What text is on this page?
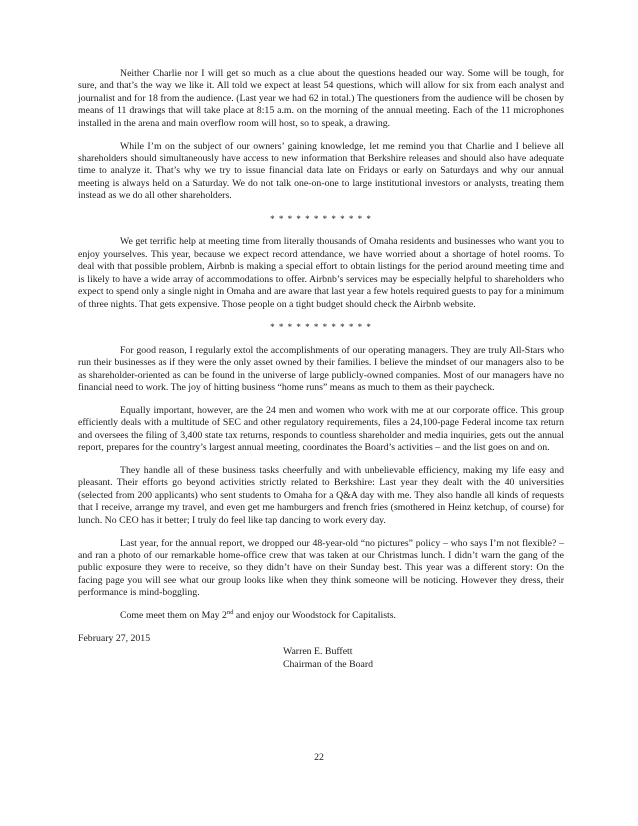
Neither Charlie nor I will get so much as a clue about the questions headed our way. Some will be tough, for sure, and that’s the way we like it. All told we expect at least 54 questions, which will allow for six from each analyst and journalist and for 18 from the audience. (Last year we had 62 in total.) The questioners from the audience will be chosen by means of 11 drawings that will take place at 8:15 a.m. on the morning of the annual meeting. Each of the 11 microphones installed in the arena and main overflow room will host, so to speak, a drawing.

While I’m on the subject of our owners’ gaining knowledge, let me remind you that Charlie and I believe all shareholders should simultaneously have access to new information that Berkshire releases and should also have adequate time to analyze it. That’s why we try to issue financial data late on Fridays or early on Saturdays and why our annual meeting is always held on a Saturday. We do not talk one-on-one to large institutional investors or analysts, treating them instead as we do all other shareholders.

* * * * * * * * * * * *

We get terrific help at meeting time from literally thousands of Omaha residents and businesses who want you to enjoy yourselves. This year, because we expect record attendance, we have worried about a shortage of hotel rooms. To deal with that possible problem, Airbnb is making a special effort to obtain listings for the period around meeting time and is likely to have a wide array of accommodations to offer. Airbnb’s services may be especially helpful to shareholders who expect to spend only a single night in Omaha and are aware that last year a few hotels required guests to pay for a minimum of three nights. That gets expensive. Those people on a tight budget should check the Airbnb website.

* * * * * * * * * * * *

For good reason, I regularly extol the accomplishments of our operating managers. They are truly All-Stars who run their businesses as if they were the only asset owned by their families. I believe the mindset of our managers also to be as shareholder-oriented as can be found in the universe of large publicly-owned companies. Most of our managers have no financial need to work. The joy of hitting business “home runs” means as much to them as their paycheck.

Equally important, however, are the 24 men and women who work with me at our corporate office. This group efficiently deals with a multitude of SEC and other regulatory requirements, files a 24,100-page Federal income tax return and oversees the filing of 3,400 state tax returns, responds to countless shareholder and media inquiries, gets out the annual report, prepares for the country’s largest annual meeting, coordinates the Board’s activities – and the list goes on and on.

They handle all of these business tasks cheerfully and with unbelievable efficiency, making my life easy and pleasant. Their efforts go beyond activities strictly related to Berkshire: Last year they dealt with the 40 universities (selected from 200 applicants) who sent students to Omaha for a Q&A day with me. They also handle all kinds of requests that I receive, arrange my travel, and even get me hamburgers and french fries (smothered in Heinz ketchup, of course) for lunch. No CEO has it better; I truly do feel like tap dancing to work every day.

Last year, for the annual report, we dropped our 48-year-old “no pictures” policy – who says I’m not flexible? – and ran a photo of our remarkable home-office crew that was taken at our Christmas lunch. I didn’t warn the gang of the public exposure they were to receive, so they didn’t have on their Sunday best. This year was a different story: On the facing page you will see what our group looks like when they think someone will be noticing. However they dress, their performance is mind-boggling.

Come meet them on May 2nd and enjoy our Woodstock for Capitalists.

February 27, 2015
Warren E. Buffett
Chairman of the Board
22
